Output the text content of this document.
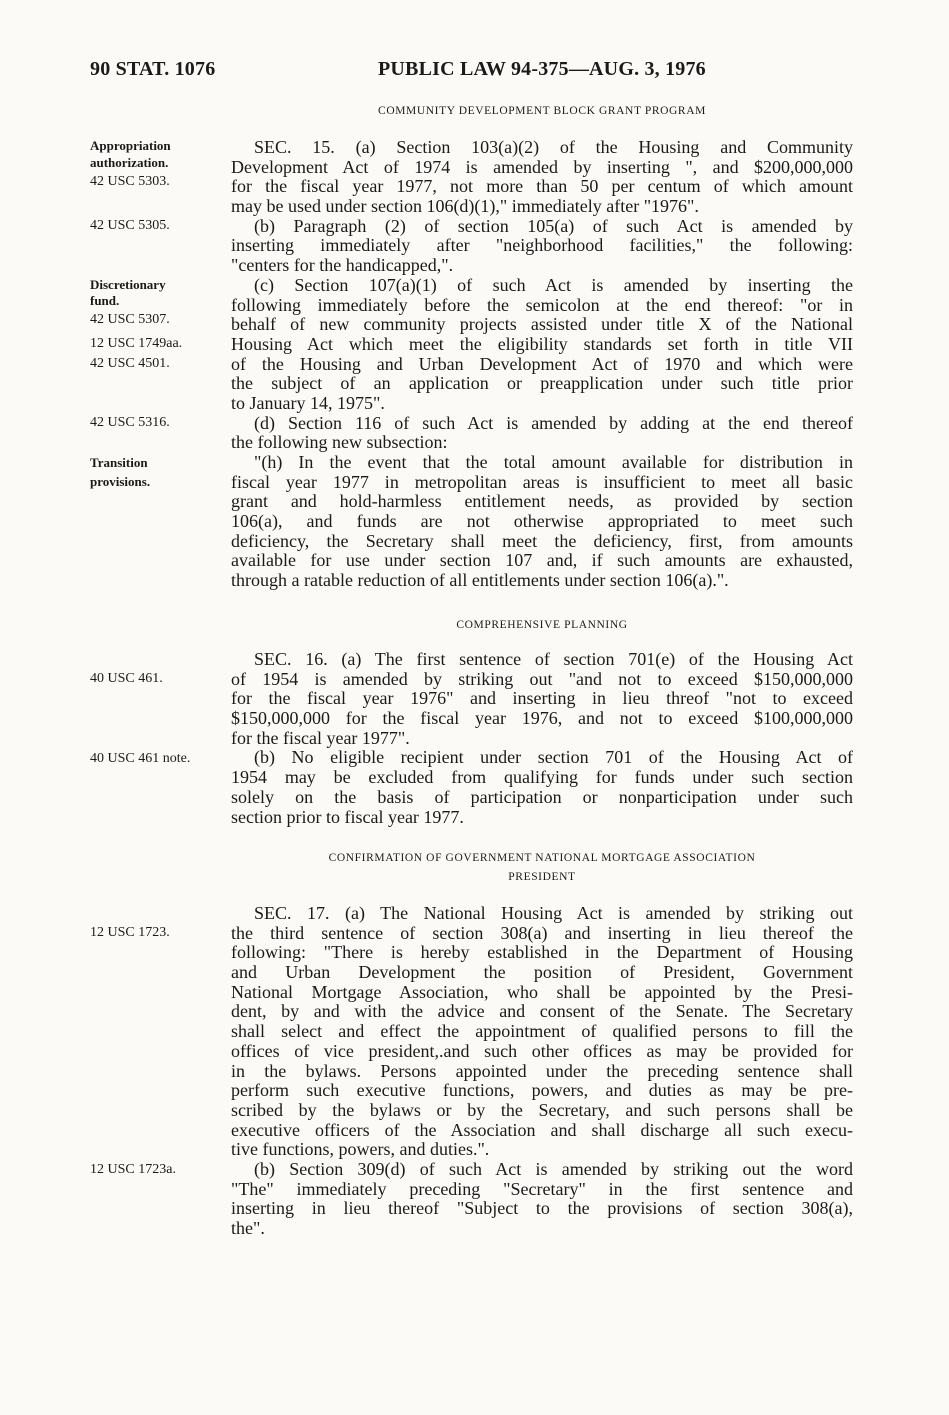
90 STAT. 1076	PUBLIC LAW 94-375—AUG. 3, 1976
COMMUNITY DEVELOPMENT BLOCK GRANT PROGRAM
COMPREHENSIVE PLANNING
CONFIRMATION OF GOVERNMENT NATIONAL MORTGAGE ASSOCIATION
PRESIDENT
SEC. 15. (a) Section 103(a)(2) of the Housing and Community
Development Act of 1974 is amended by inserting ", and $200,000,000
for the fiscal year 1977, not more than 50 per centum of which amount
may be used under section 106(d)(1)," immediately after "1976".
(b) Paragraph (2) of section 105(a) of such Act is amended by
inserting immediately after "neighborhood facilities," the following:
"centers for the handicapped,".
(c) Section 107(a)(1) of such Act is amended by inserting the
following immediately before the semicolon at the end thereof: "or in
behalf of new community projects assisted under title X of the National
Housing Act which meet the eligibility standards set forth in title VII
of the Housing and Urban Development Act of 1970 and which were
the subject of an application or preapplication under such title prior
to January 14, 1975".
(d) Section 116 of such Act is amended by adding at the end thereof
the following new subsection:
"(h) In the event that the total amount available for distribution in
fiscal year 1977 in metropolitan areas is insufficient to meet all basic
grant and hold-harmless entitlement needs, as provided by section
106(a), and funds are not otherwise appropriated to meet such
deficiency, the Secretary shall meet the deficiency, first, from amounts
available for use under section 107 and, if such amounts are exhausted,
through a ratable reduction of all entitlements under section 106(a).".
SEC. 16. (a) The first sentence of section 701(e) of the Housing Act
of 1954 is amended by striking out "and not to exceed $150,000,000
for the fiscal year 1976" and inserting in lieu threof "not to exceed
$150,000,000 for the fiscal year 1976, and not to exceed $100,000,000
for the fiscal year 1977".
(b) No eligible recipient under section 701 of the Housing Act of
1954 may be excluded from qualifying for funds under such section
solely on the basis of participation or nonparticipation under such
section prior to fiscal year 1977.
SEC. 17. (a) The National Housing Act is amended by striking out
the third sentence of section 308(a) and inserting in lieu thereof the
following: "There is hereby established in the Department of Housing
and Urban Development the position of President, Government
National Mortgage Association, who shall be appointed by the Presi-
dent, by and with the advice and consent of the Senate. The Secretary
shall select and effect the appointment of qualified persons to fill the
offices of vice president,.and such other offices as may be provided for
in the bylaws. Persons appointed under the preceding sentence shall
perform such executive functions, powers, and duties as may be pre-
scribed by the bylaws or by the Secretary, and such persons shall be
executive officers of the Association and shall discharge all such execu-
tive functions, powers, and duties.".
(b) Section 309(d) of such Act is amended by striking out the word
"The" immediately preceding "Secretary" in the first sentence and
inserting in lieu thereof "Subject to the provisions of section 308(a),
the".
Appropriation
authorization.
42 USC 5303.
42 USC 5305.
Discretionary
fund.
42 USC 5307.
12 USC 1749aa.
42 USC 4501.
42 USC 5316.
Transition
provisions.
40 USC 461.
40 USC 461 note.
12 USC 1723.
12 USC 1723a.
